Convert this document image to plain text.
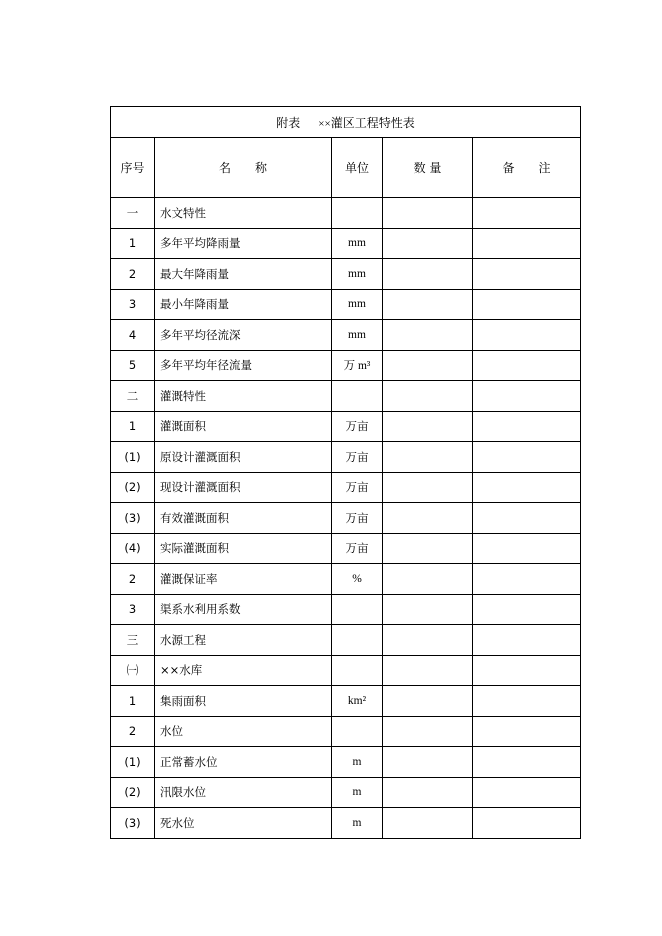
附表 ××灌区工程特性表				
序号	名　　称	单位	数 量	备　　注
一	水文特性			
1	多年平均降雨量	mm		
2	最大年降雨量	mm		
3	最小年降雨量	mm		
4	多年平均径流深	mm		
5	多年平均年径流量	万 m³		
二	灌溉特性			
1	灌溉面积	万亩		
(1)	原设计灌溉面积	万亩		
(2)	现设计灌溉面积	万亩		
(3)	有效灌溉面积	万亩		
(4)	实际灌溉面积	万亩		
2	灌溉保证率	%		
3	渠系水利用系数			
三	水源工程			
㈠	××水库			
1	集雨面积	km²		
2	水位			
(1)	正常蓄水位	m		
(2)	汛限水位	m		
(3)	死水位	m		
